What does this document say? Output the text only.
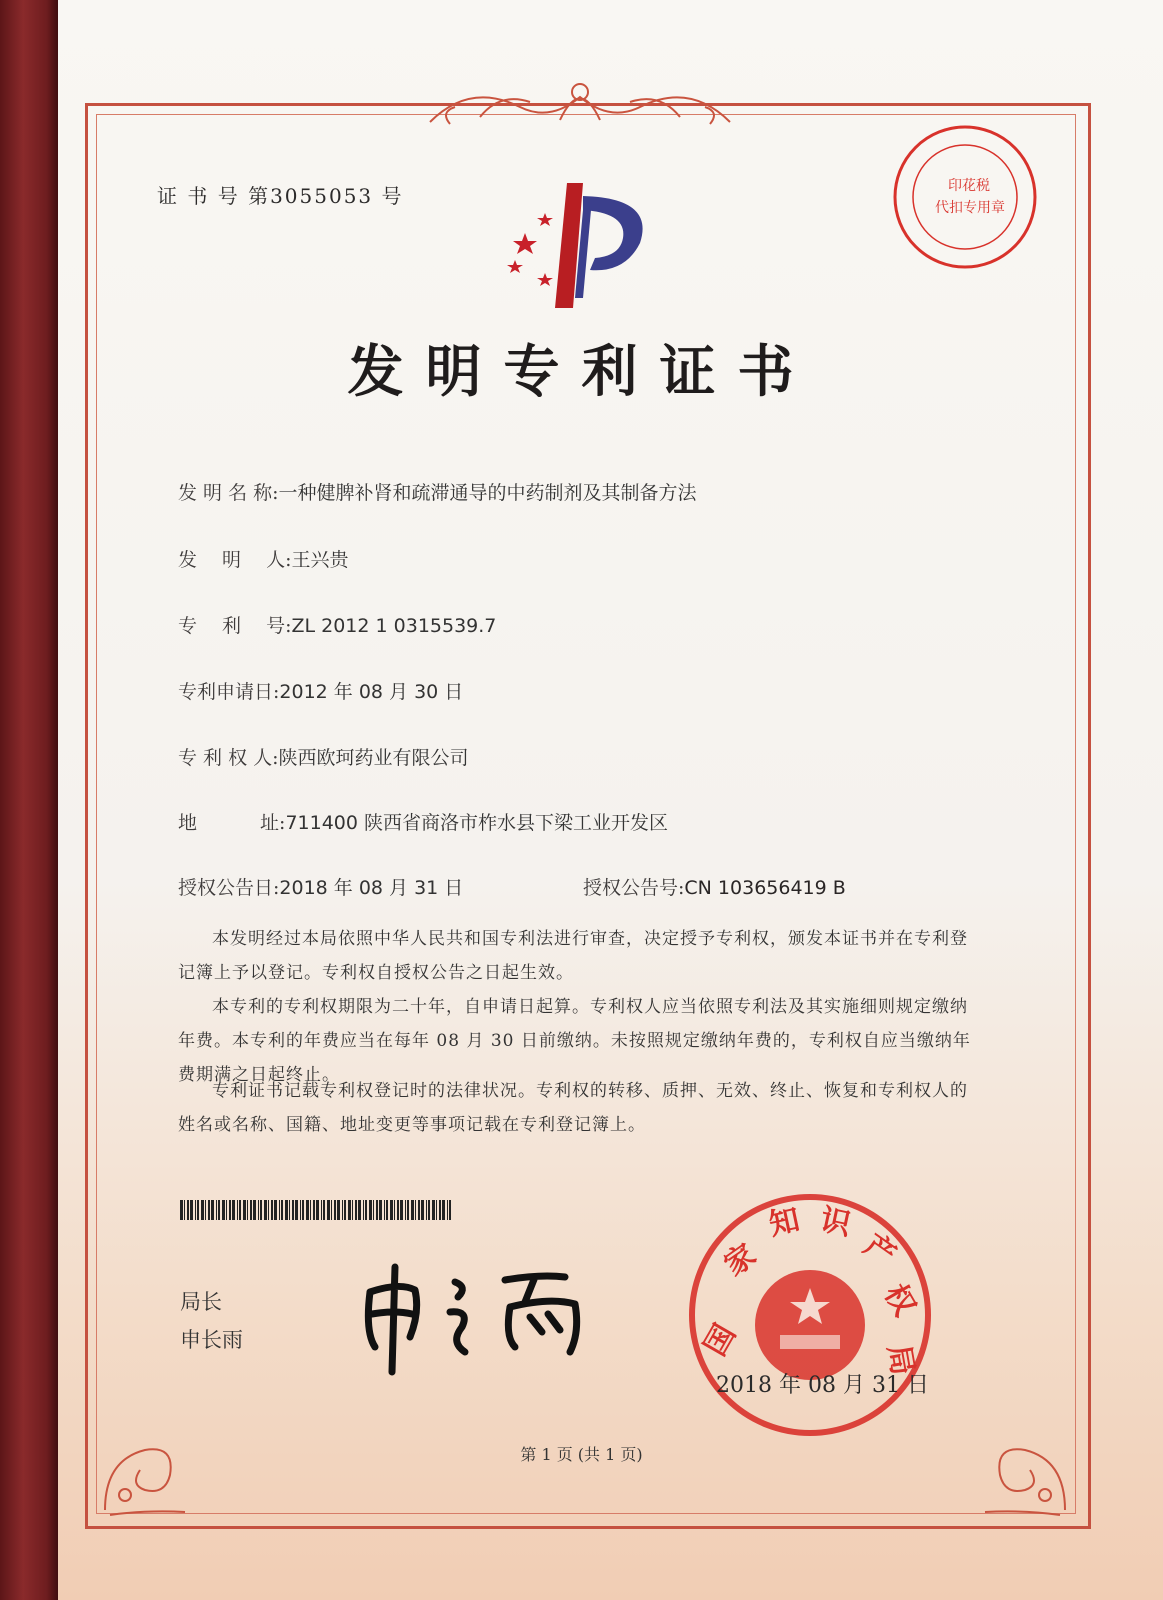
证 书 号 第3055053 号
发明专利证书
发 明 名 称:一种健脾补肾和疏滞通导的中药制剂及其制备方法
发　 明　 人:王兴贵
专　 利　 号:ZL 2012 1 0315539.7
专利申请日:2012 年 08 月 30 日
专 利 权 人:陕西欧珂药业有限公司
地　　　 址:711400 陕西省商洛市柞水县下梁工业开发区
授权公告日:2018 年 08 月 31 日	授权公告号:CN 103656419 B
本发明经过本局依照中华人民共和国专利法进行审查，决定授予专利权，颁发本证书并在专利登记簿上予以登记。专利权自授权公告之日起生效。
本专利的专利权期限为二十年，自申请日起算。专利权人应当依照专利法及其实施细则规定缴纳年费。本专利的年费应当在每年 08 月 30 日前缴纳。未按照规定缴纳年费的，专利权自应当缴纳年费期满之日起终止。
专利证书记载专利权登记时的法律状况。专利权的转移、质押、无效、终止、恢复和专利权人的姓名或名称、国籍、地址变更等事项记载在专利登记簿上。
局长
申长雨	国
家
知 识
产
权
局
2018 年 08 月 31 日
印花税
代扣专用章
第 1 页 (共 1 页)
